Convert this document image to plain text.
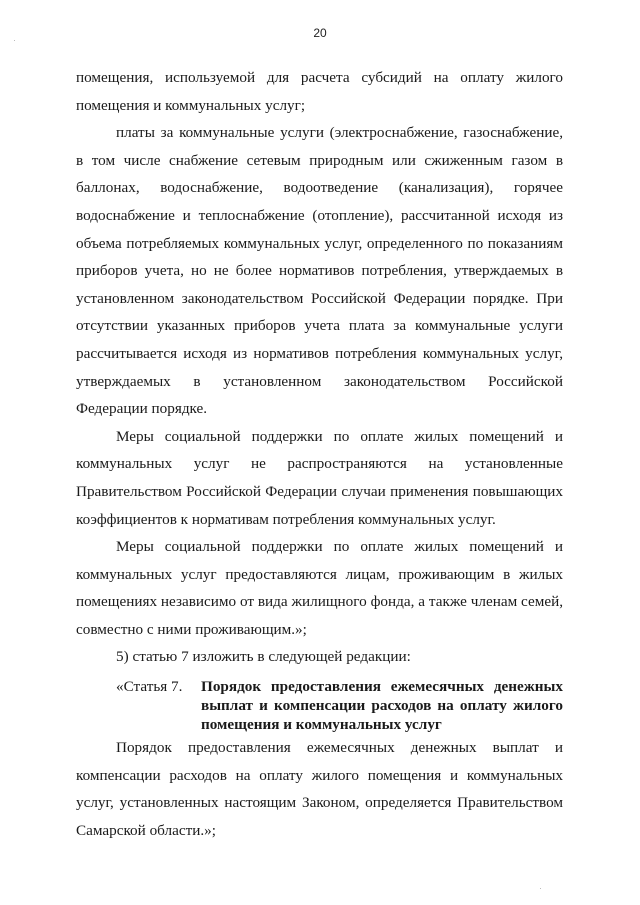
20

помещения, используемой для расчета субсидий на оплату жилого помещения и коммунальных услуг;

платы за коммунальные услуги (электроснабжение, газоснабжение, в том числе снабжение сетевым природным или сжиженным газом в баллонах, водоснабжение, водоотведение (канализация), горячее водоснабжение и теплоснабжение (отопление), рассчитанной исходя из объема потребляемых коммунальных услуг, определенного по показаниям приборов учета, но не более нормативов потребления, утверждаемых в установленном законодательством Российской Федерации порядке. При отсутствии указанных приборов учета плата за коммунальные услуги рассчитывается исходя из нормативов потребления коммунальных услуг, утверждаемых в установленном законодательством Российской Федерации порядке.

Меры социальной поддержки по оплате жилых помещений и коммунальных услуг не распространяются на установленные Правительством Российской Федерации случаи применения повышающих коэффициентов к нормативам потребления коммунальных услуг.

Меры социальной поддержки по оплате жилых помещений и коммунальных услуг предоставляются лицам, проживающим в жилых помещениях независимо от вида жилищного фонда, а также членам семей, совместно с ними проживающим.»;

5) статью 7 изложить в следующей редакции:

«Статья 7.	Порядок предоставления ежемесячных денежных выплат и компенсации расходов на оплату жилого помещения и коммунальных услуг

Порядок предоставления ежемесячных денежных выплат и компенсации расходов на оплату жилого помещения и коммунальных услуг, установленных настоящим Законом, определяется Правительством Самарской области.»;
